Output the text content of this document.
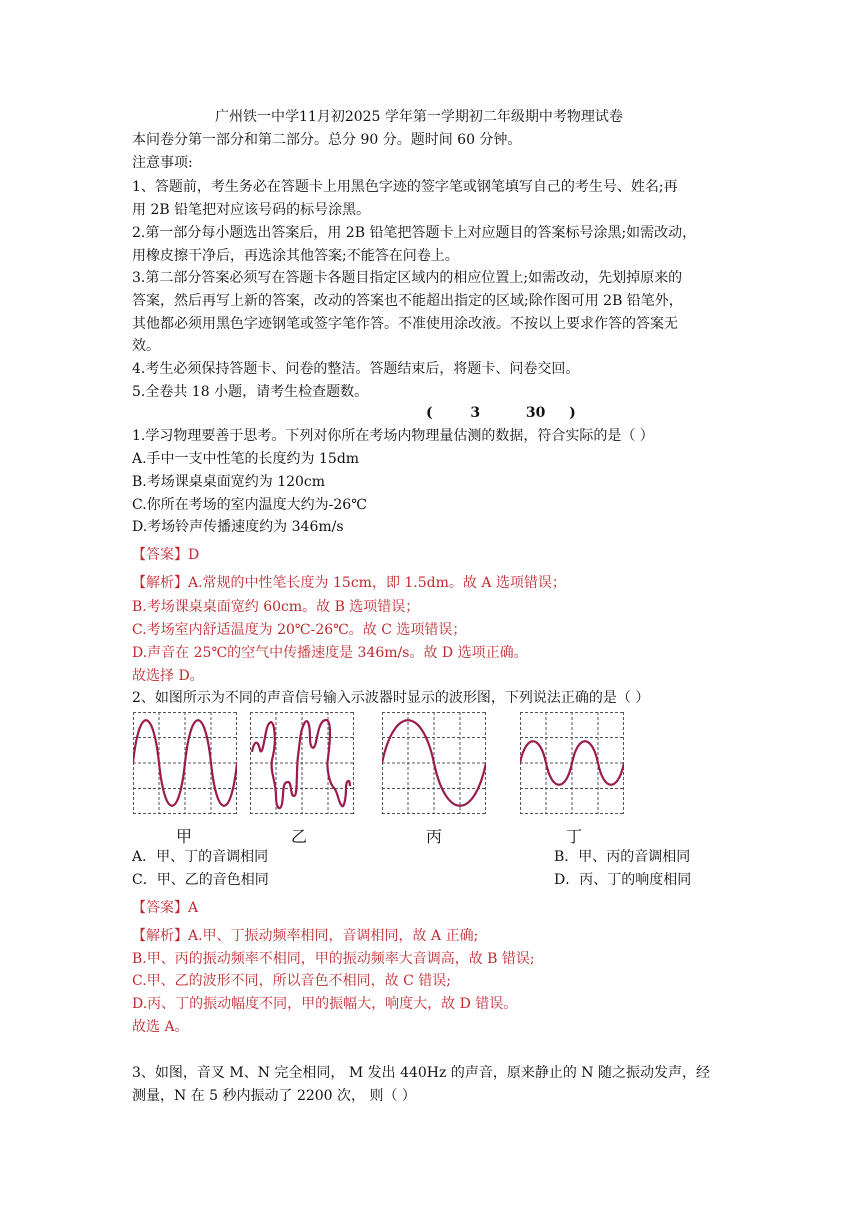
广州铁一中学11月初2025 学年第一学期初二年级期中考物理试卷
本问卷分第一部分和第二部分。总分 90 分。题时间 60 分钟。
注意事项:
1、答题前，考生务必在答题卡上用黑色字迹的签字笔或钢笔填写自己的考生号、姓名;再
用 2B 铅笔把对应该号码的标号涂黑。
2.第一部分每小题选出答案后，用 2B 铅笔把答题卡上对应题目的答案标号涂黑;如需改动，
用橡皮擦干净后，再选涂其他答案;不能答在问卷上。
3.第二部分答案必须写在答题卡各题目指定区域内的相应位置上;如需改动，先划掉原来的
答案，然后再写上新的答案，改动的答案也不能超出指定的区域;除作图可用 2B 铅笔外，
其他都必须用黑色字迹钢笔或签字笔作答。不准使用涂改液。不按以上要求作答的答案无
效。
4.考生必须保持答题卡、问卷的整洁。答题结束后，将题卡、问卷交回。
5.全卷共 18 小题，请考生检查题数。
(	3	30 )
1.学习物理要善于思考。下列对你所在考场内物理量估测的数据，符合实际的是（ ）
A.手中一支中性笔的长度约为 15dm
B.考场课桌桌面宽约为 120cm
C.你所在考场的室内温度大约为-26℃
D.考场铃声传播速度约为 346m/s
【答案】D
【解析】A.常规的中性笔长度为 15cm，即 1.5dm。故 A 选项错误；
B.考场课桌桌面宽约 60cm。故 B 选项错误；
C.考场室内舒适温度为 20℃-26℃。故 C 选项错误；
D.声音在 25℃的空气中传播速度是 346m/s。故 D 选项正确。
故选择 D。
2、如图所示为不同的声音信号输入示波器时显示的波形图，下列说法正确的是（ ）
甲	乙	丙	丁
A．甲、丁的音调相同	B．甲、丙的音调相同
C．甲、乙的音色相同	D．丙、丁的响度相同
【答案】A
【解析】A.甲、丁振动频率相同，音调相同，故 A 正确;
B.甲、丙的振动频率不相同，甲的振动频率大音调高，故 B 错误;
C.甲、乙的波形不同，所以音色不相同，故 C 错误;
D.丙、丁的振动幅度不同，甲的振幅大，响度大，故 D 错误。
故选 A。
3、如图，音叉 M、N 完全相同， M 发出 440Hz 的声音，原来静止的 N 随之振动发声，经
测量，N 在 5 秒内振动了 2200 次， 则（ ）
